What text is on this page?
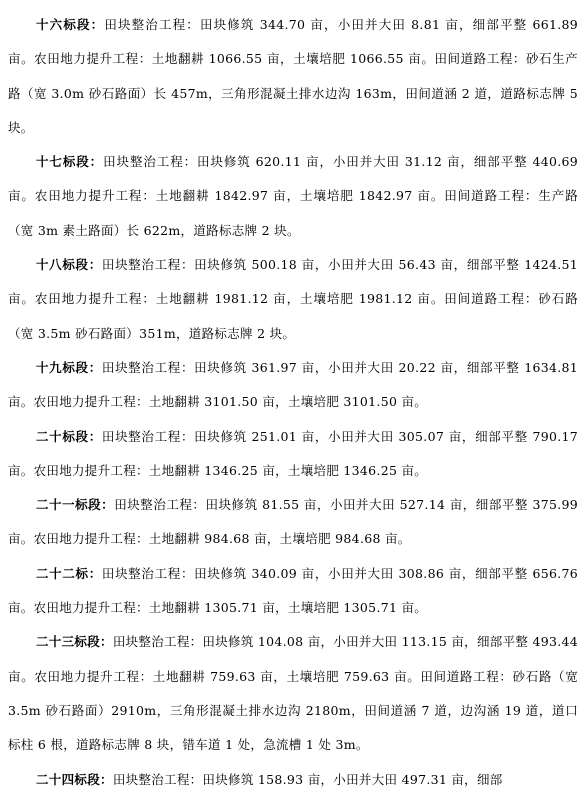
十六标段：田块整治工程：田块修筑 344.70 亩，小田并大田 8.81 亩，细部平整 661.89 亩。农田地力提升工程：土地翻耕 1066.55 亩，土壤培肥 1066.55 亩。田间道路工程：砂石生产路（宽 3.0m 砂石路面）长 457m，三角形混凝土排水边沟 163m，田间道涵 2 道，道路标志牌 5 块。

十七标段：田块整治工程：田块修筑 620.11 亩，小田并大田 31.12 亩，细部平整 440.69 亩。农田地力提升工程：土地翻耕 1842.97 亩，土壤培肥 1842.97 亩。田间道路工程：生产路（宽 3m 素土路面）长 622m，道路标志牌 2 块。

十八标段：田块整治工程：田块修筑 500.18 亩，小田并大田 56.43 亩，细部平整 1424.51 亩。农田地力提升工程：土地翻耕 1981.12 亩，土壤培肥 1981.12 亩。田间道路工程：砂石路（宽 3.5m 砂石路面）351m，道路标志牌 2 块。

十九标段：田块整治工程：田块修筑 361.97 亩，小田并大田 20.22 亩，细部平整 1634.81 亩。农田地力提升工程：土地翻耕 3101.50 亩，土壤培肥 3101.50 亩。

二十标段：田块整治工程：田块修筑 251.01 亩，小田并大田 305.07 亩，细部平整 790.17 亩。农田地力提升工程：土地翻耕 1346.25 亩，土壤培肥 1346.25 亩。

二十一标段：田块整治工程：田块修筑 81.55 亩，小田并大田 527.14 亩，细部平整 375.99 亩。农田地力提升工程：土地翻耕 984.68 亩，土壤培肥 984.68 亩。

二十二标：田块整治工程：田块修筑 340.09 亩，小田并大田 308.86 亩，细部平整 656.76 亩。农田地力提升工程：土地翻耕 1305.71 亩，土壤培肥 1305.71 亩。

二十三标段：田块整治工程：田块修筑 104.08 亩，小田并大田 113.15 亩，细部平整 493.44 亩。农田地力提升工程：土地翻耕 759.63 亩，土壤培肥 759.63 亩。田间道路工程：砂石路（宽 3.5m 砂石路面）2910m，三角形混凝土排水边沟 2180m，田间道涵 7 道，边沟涵 19 道，道口标柱 6 根，道路标志牌 8 块，错车道 1 处，急流槽 1 处 3m。

二十四标段：田块整治工程：田块修筑 158.93 亩，小田并大田 497.31 亩，细部
